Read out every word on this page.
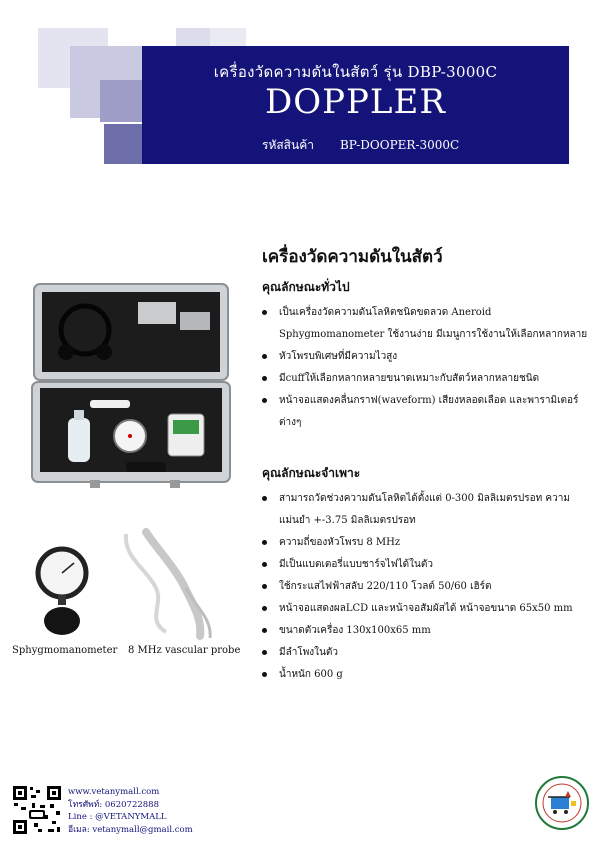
เครื่องวัดความดันในสัตว์ รุ่น DBP-3000C
DOPPLER
รหัสสินค้า BP-DOOPER-3000C
Sphygmomanometer 8 MHz vascular probe
เครื่องวัดความดันในสัตว์
คุณลักษณะทั่วไป
เป็นเครื่องวัดความดันโลหิตชนิดขดลวด Aneroid Sphygmomanometer ใช้งานง่าย มีเมนูการใช้งานให้เลือกหลากหลาย
หัวโพรบพิเศษที่มีความไวสูง
มีcuffให้เลือกหลากหลายขนาดเหมาะกับสัตว์หลากหลายชนิด
หน้าจอแสดงคลื่นกราฟ(waveform) เสียงหลอดเลือด และพารามิเตอร์ต่างๆ
คุณลักษณะจำเพาะ
สามารถวัดช่วงความดันโลหิตได้ตั้งแต่ 0-300 มิลลิเมตรปรอท ความแม่นยำ +-3.75 มิลลิเมตรปรอท
ความถี่ของหัวโพรบ 8 MHz
มีเป็นแบตเตอรี่แบบชาร์จไฟได้ในตัว
ใช้กระแสไฟฟ้าสลับ 220/110 โวลต์ 50/60 เฮิร์ต
หน้าจอแสดงผลLCD และหน้าจอสัมผัสได้ หน้าจอขนาด 65x50 mm
ขนาดตัวเครื่อง 130x100x65 mm
มีลำโพงในตัว
น้ำหนัก 600 g
www.vetanymall.com
โทรศัพท์: 0620722888
Line : @VETANYMALL
อีเมล: vetanymall@gmail.com
